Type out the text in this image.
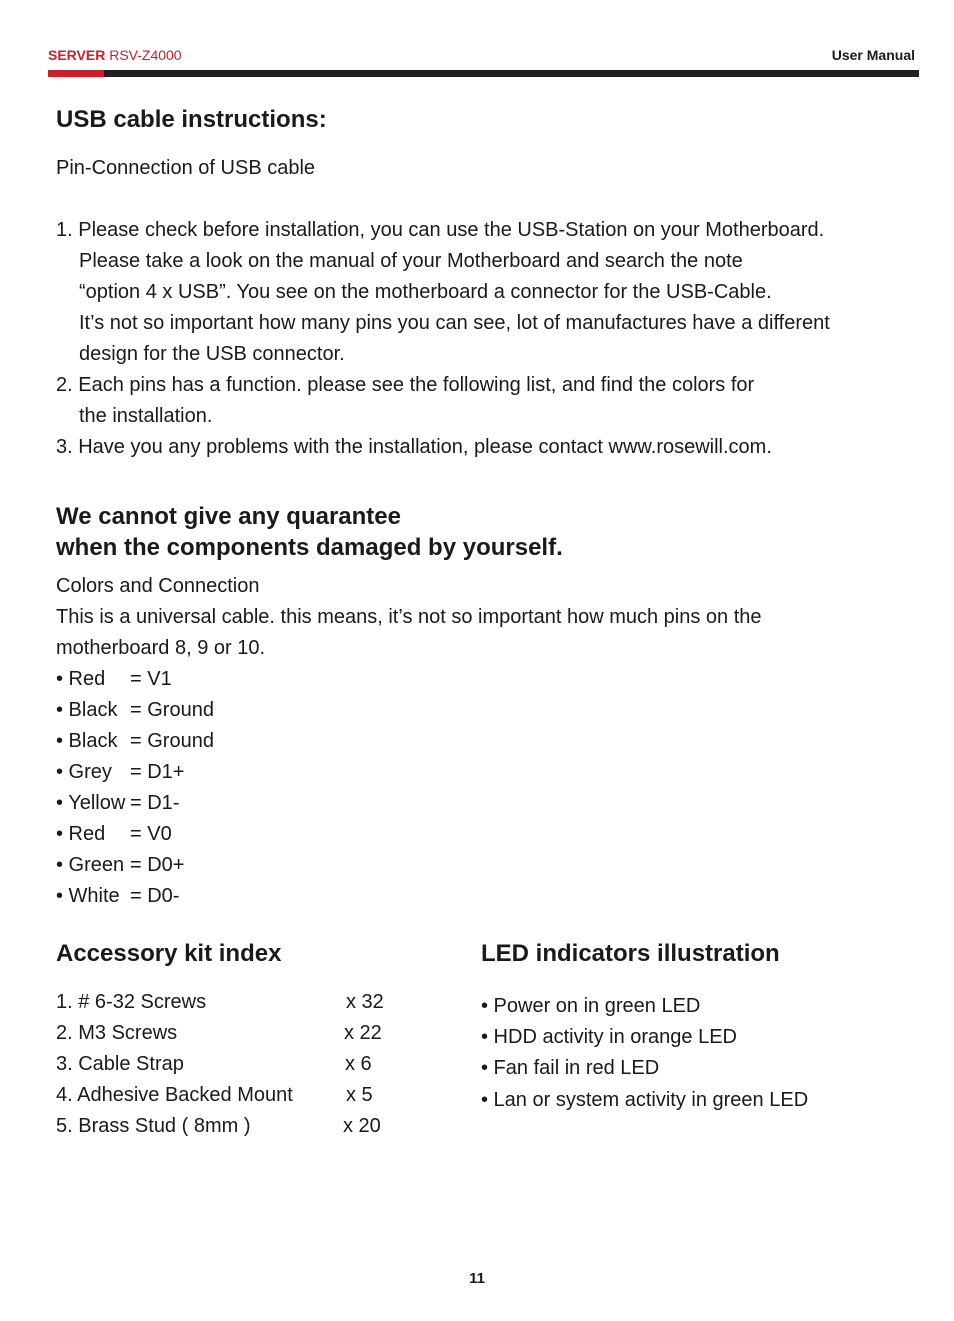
SERVER RSV-Z4000	User Manual
USB cable instructions:
Pin-Connection of USB cable
1. Please check before installation, you can use the USB-Station on your Motherboard.
Please take a look on the manual of your Motherboard and search the note
“option 4 x USB”. You see on the motherboard a connector for the USB-Cable.
It’s not so important how many pins you can see, lot of manufactures have a different
design for the USB connector.
2. Each pins has a function. please see the following list, and find the colors for
the installation.
3. Have you any problems with the installation, please contact www.rosewill.com.
We cannot give any quarantee
when the components damaged by yourself.
Colors and Connection
This is a universal cable. this means, it’s not so important how much pins on the
motherboard 8, 9 or 10.
• Red = V1
• Black = Ground
• Black = Ground
• Grey = D1+
• Yellow = D1-
• Red = V0
• Green = D0+
• White = D0-
Accessory kit index
1. # 6-32 Screws	x 32
2. M3 Screws	x 22
3. Cable Strap	x 6
4. Adhesive Backed Mount	x 5
5. Brass Stud ( 8mm )	x 20
LED indicators illustration
• Power on in green LED
• HDD activity in orange LED
• Fan fail in red LED
• Lan or system activity in green LED
11
